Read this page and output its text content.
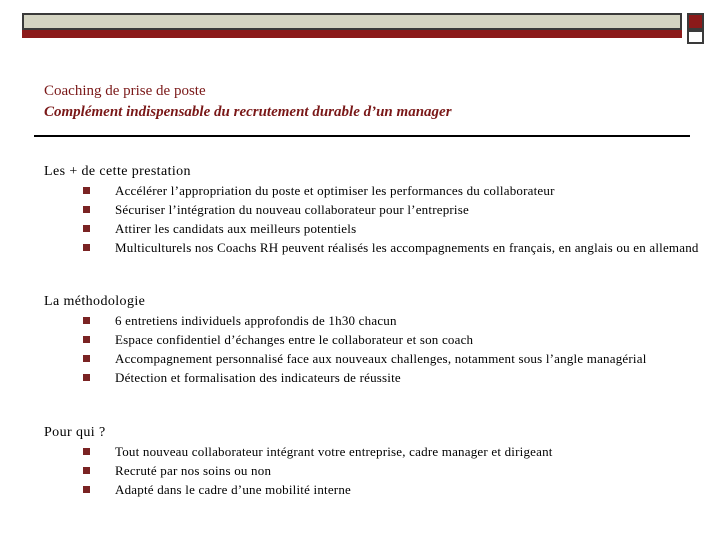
Coaching de prise de poste
Complément indispensable du recrutement durable d’un manager
Les + de cette prestation
Accélérer l’appropriation du poste et optimiser les performances du collaborateur
Sécuriser l’intégration du nouveau collaborateur pour l’entreprise
Attirer les candidats aux meilleurs potentiels
Multiculturels nos Coachs RH peuvent réalisés les accompagnements en français, en anglais ou en allemand
La méthodologie
6 entretiens individuels approfondis de 1h30 chacun
Espace confidentiel d’échanges entre le collaborateur et son coach
Accompagnement personnalisé face aux nouveaux challenges, notamment sous l’angle managérial
Détection et formalisation des indicateurs de réussite
Pour qui ?
Tout nouveau collaborateur intégrant votre entreprise, cadre manager et dirigeant
Recruté par nos soins ou non
Adapté dans le cadre d’une mobilité interne
